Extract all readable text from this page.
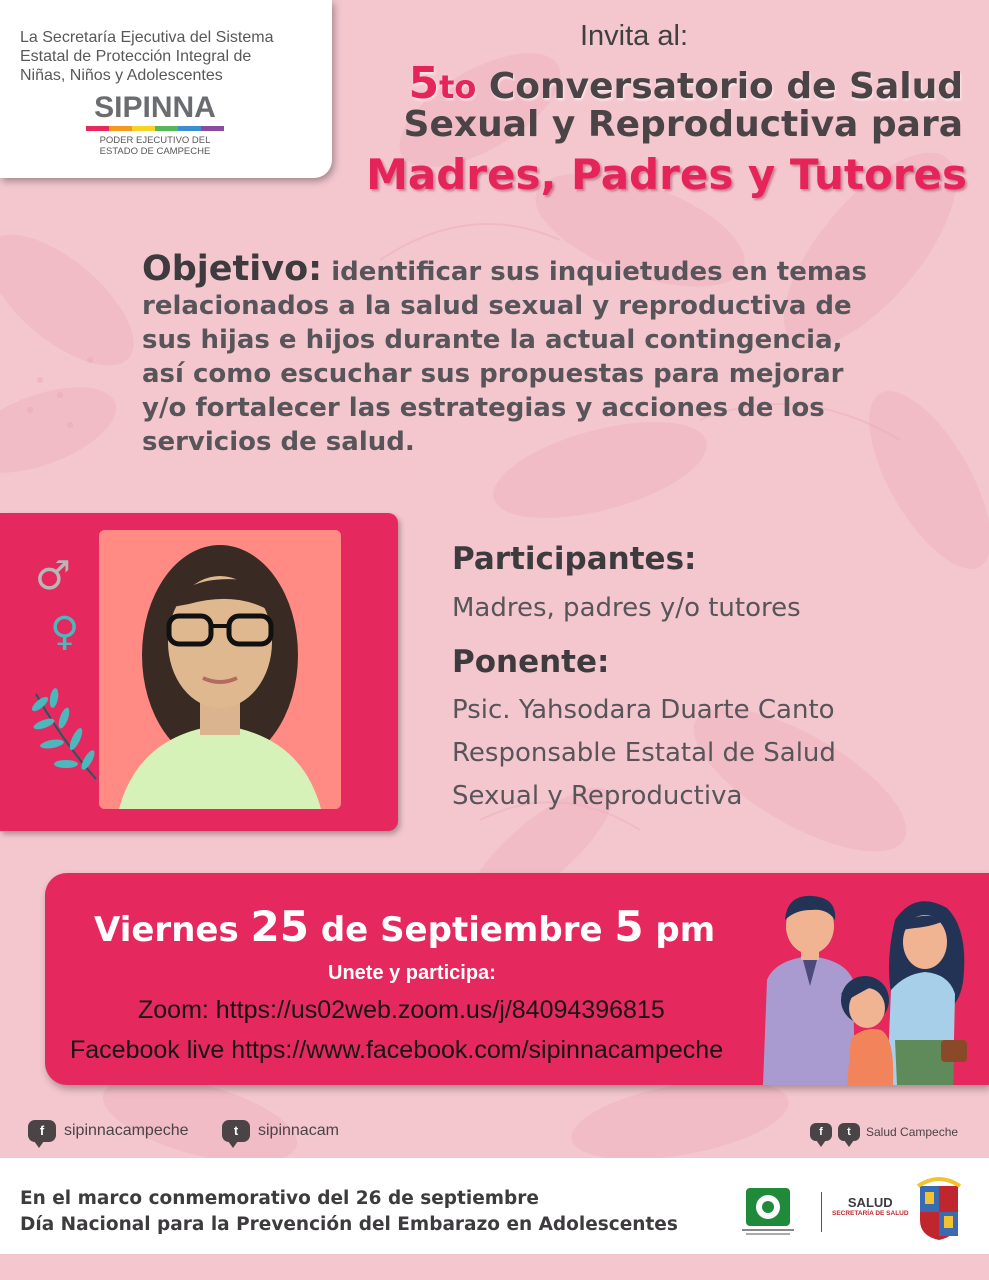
La Secretaría Ejecutiva del Sistema
Estatal de Protección Integral de
Niñas, Niños y Adolescentes
SIPINNA
PODER EJECUTIVO DEL
ESTADO DE CAMPECHE
Invita al:
5to Conversatorio de Salud
Sexual y Reproductiva para
Madres, Padres y Tutores
Objetivo: identificar sus inquietudes en temas
relacionados a la salud sexual y reproductiva de
sus hijas e hijos durante la actual contingencia,
así como escuchar sus propuestas para mejorar
y/o fortalecer las estrategias y acciones de los
servicios de salud.
♂
♀
Participantes:
Madres, padres y/o tutores
Ponente:
Psic. Yahsodara Duarte Canto
Responsable Estatal de Salud
Sexual y Reproductiva
Viernes 25 de Septiembre 5 pm
Unete y participa:
Zoom: https://us02web.zoom.us/j/84094396815
Facebook live https://www.facebook.com/sipinnacampeche
f	sipinnacampeche	t	sipinnacam	f	t	Salud Campeche
En el marco conmemorativo del 26 de septiembre
Día Nacional para la Prevención del Embarazo en Adolescentes
SALUD
SECRETARÍA DE SALUD
